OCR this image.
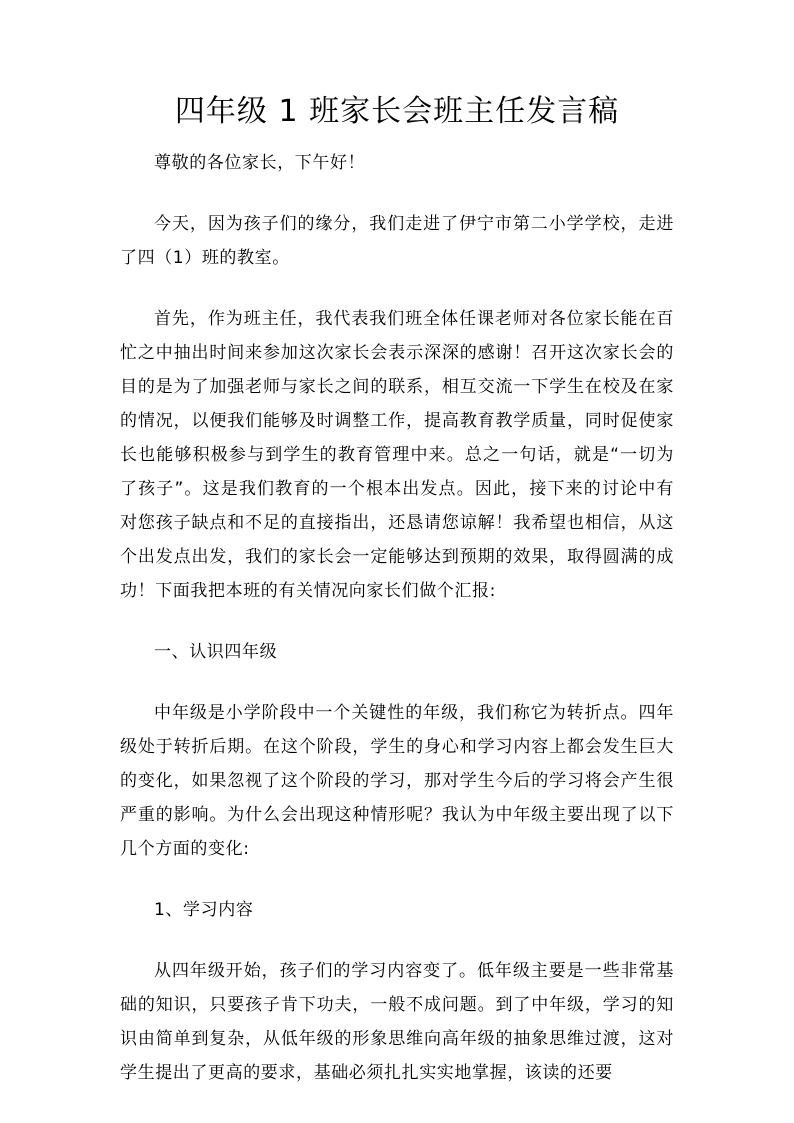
四年级 1 班家长会班主任发言稿

尊敬的各位家长，下午好！

今天，因为孩子们的缘分，我们走进了伊宁市第二小学学校，走进了四（1）班的教室。

首先，作为班主任，我代表我们班全体任课老师对各位家长能在百忙之中抽出时间来参加这次家长会表示深深的感谢！召开这次家长会的目的是为了加强老师与家长之间的联系，相互交流一下学生在校及在家的情况，以便我们能够及时调整工作，提高教育教学质量，同时促使家长也能够积极参与到学生的教育管理中来。总之一句话，就是“一切为了孩子”。这是我们教育的一个根本出发点。因此，接下来的讨论中有对您孩子缺点和不足的直接指出，还恳请您谅解！我希望也相信，从这个出发点出发，我们的家长会一定能够达到预期的效果，取得圆满的成功！下面我把本班的有关情况向家长们做个汇报:

一、认识四年级

中年级是小学阶段中一个关键性的年级，我们称它为转折点。四年级处于转折后期。在这个阶段，学生的身心和学习内容上都会发生巨大的变化，如果忽视了这个阶段的学习，那对学生今后的学习将会产生很严重的影响。为什么会出现这种情形呢？我认为中年级主要出现了以下几个方面的变化:

1、学习内容

从四年级开始，孩子们的学习内容变了。低年级主要是一些非常基础的知识，只要孩子肯下功夫，一般不成问题。到了中年级，学习的知识由简单到复杂，从低年级的形象思维向高年级的抽象思维过渡，这对学生提出了更高的要求，基础必须扎扎实实地掌握，该读的还要
